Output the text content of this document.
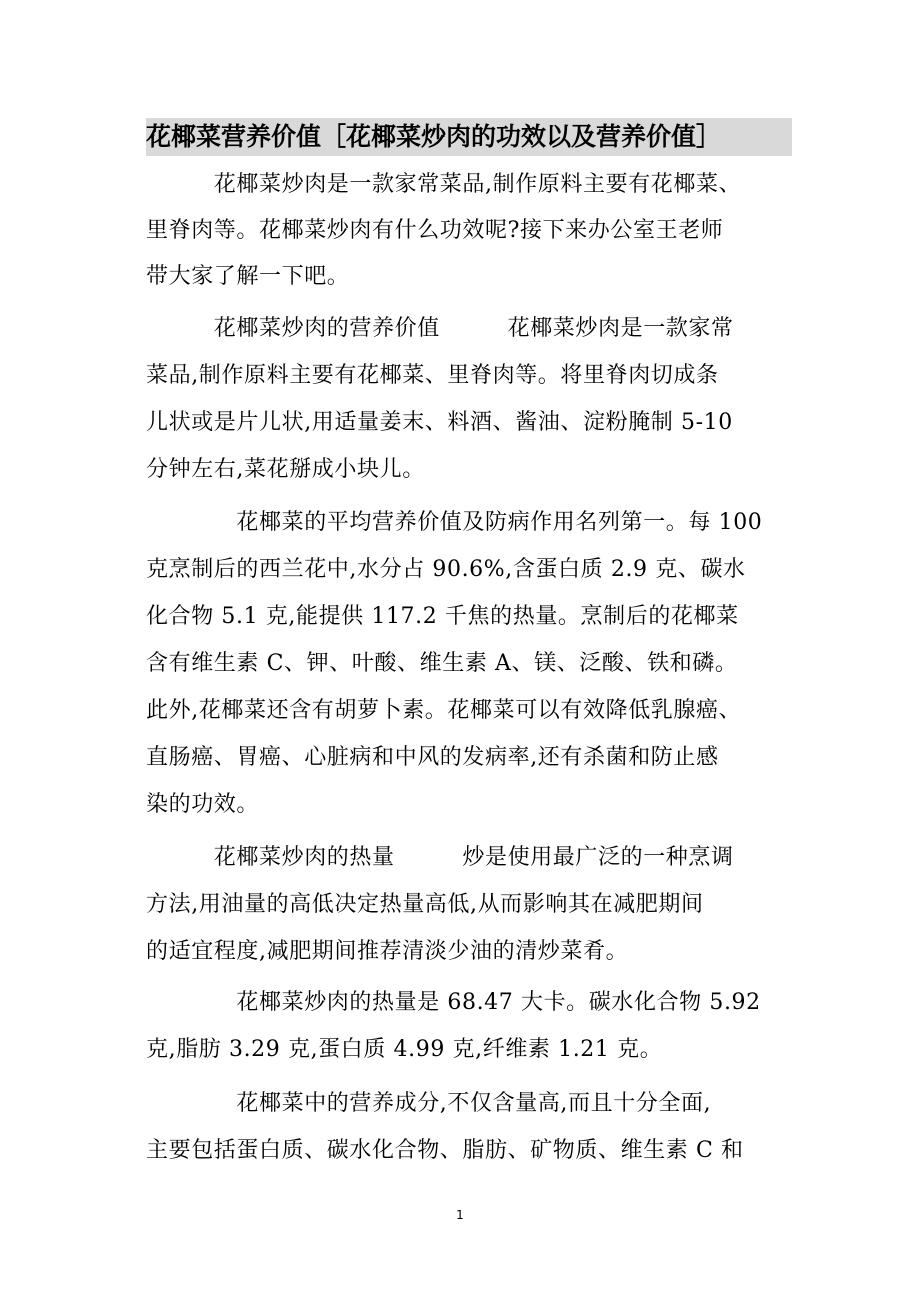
花椰菜营养价值［花椰菜炒肉的功效以及营养价值］
　　　花椰菜炒肉是一款家常菜品,制作原料主要有花椰菜、
里脊肉等。花椰菜炒肉有什么功效呢?接下来办公室王老师
带大家了解一下吧。
　　　花椰菜炒肉的营养价值　　　花椰菜炒肉是一款家常
菜品,制作原料主要有花椰菜、里脊肉等。将里脊肉切成条
儿状或是片儿状,用适量姜末、料酒、酱油、淀粉腌制 5-10
分钟左右,菜花掰成小块儿。
　　　　花椰菜的平均营养价值及防病作用名列第一。每 100
克烹制后的西兰花中,水分占 90.6%,含蛋白质 2.9 克、碳水
化合物 5.1 克,能提供 117.2 千焦的热量。烹制后的花椰菜
含有维生素 C、钾、叶酸、维生素 A、镁、泛酸、铁和磷。
此外,花椰菜还含有胡萝卜素。花椰菜可以有效降低乳腺癌、
直肠癌、胃癌、心脏病和中风的发病率,还有杀菌和防止感
染的功效。
　　　花椰菜炒肉的热量　　　炒是使用最广泛的一种烹调
方法,用油量的高低决定热量高低,从而影响其在减肥期间
的适宜程度,减肥期间推荐清淡少油的清炒菜肴。
　　　　花椰菜炒肉的热量是 68.47 大卡。碳水化合物 5.92
克,脂肪 3.29 克,蛋白质 4.99 克,纤维素 1.21 克。
　　　　花椰菜中的营养成分,不仅含量高,而且十分全面,
主要包括蛋白质、碳水化合物、脂肪、矿物质、维生素 C 和
1
